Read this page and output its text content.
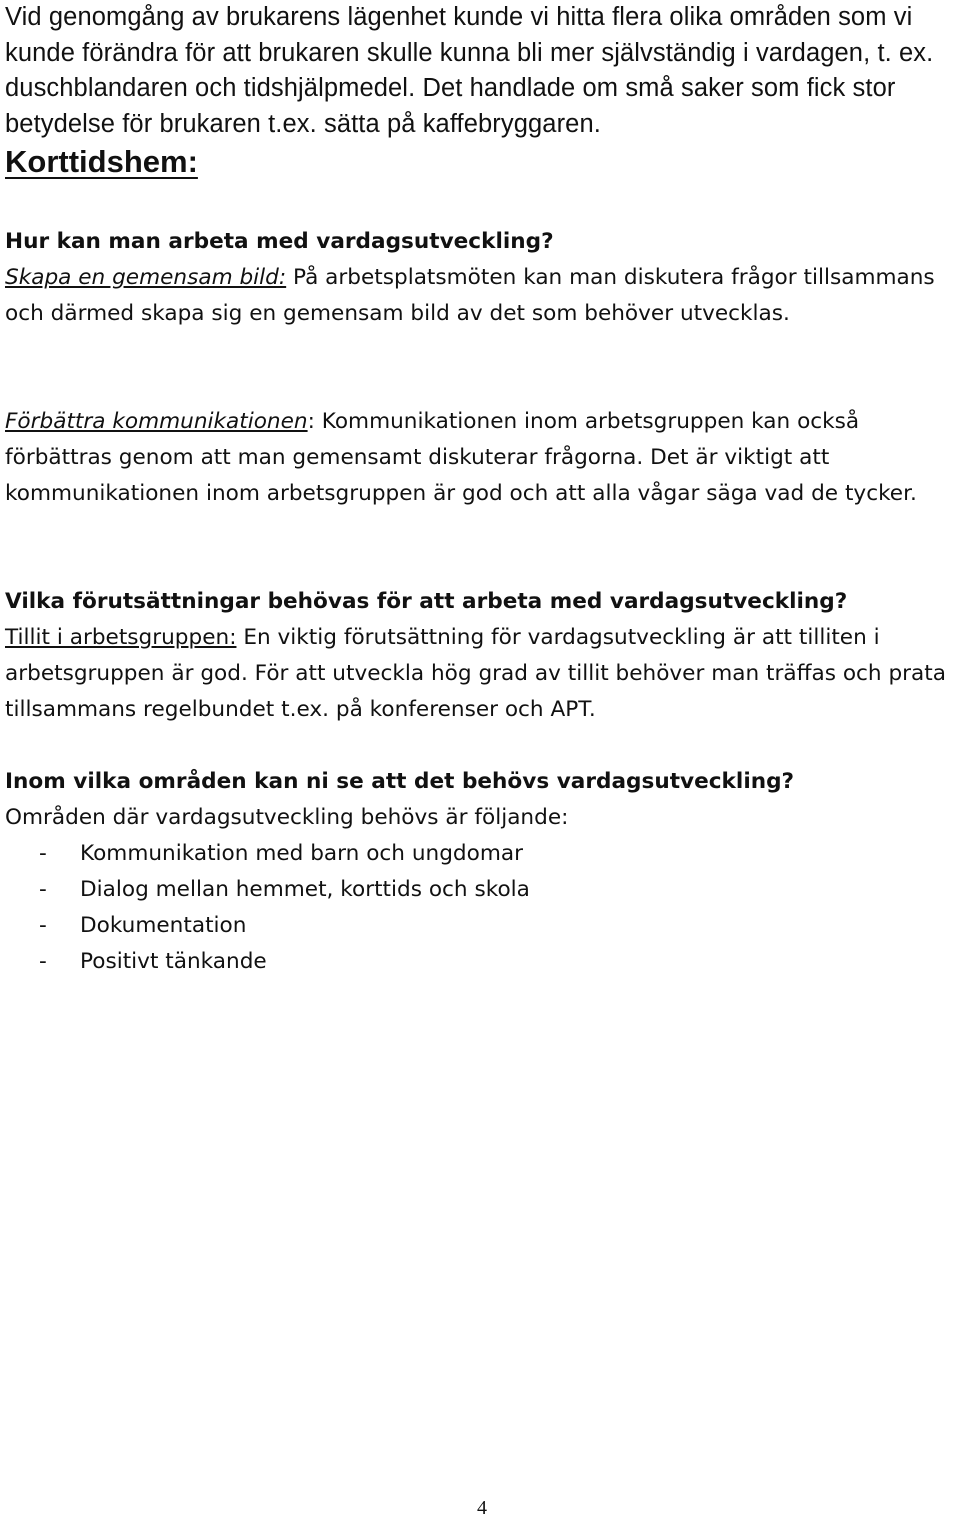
Vid genomgång av brukarens lägenhet kunde vi hitta flera olika områden som vi kunde förändra för att brukaren skulle kunna bli mer självständig i vardagen, t. ex. duschblandaren och tidshjälpmedel. Det handlade om små saker som fick stor betydelse för brukaren t.ex. sätta på kaffebryggaren.

Korttidshem:
Hur kan man arbeta med vardagsutveckling?

Skapa en gemensam bild: På arbetsplatsmöten kan man diskutera frågor tillsammans och därmed skapa sig en gemensam bild av det som behöver utvecklas.

Förbättra kommunikationen: Kommunikationen inom arbetsgruppen kan också förbättras genom att man gemensamt diskuterar frågorna. Det är viktigt att kommunikationen inom arbetsgruppen är god och att alla vågar säga vad de tycker.

Vilka förutsättningar behövas för att arbeta med vardagsutveckling?

Tillit i arbetsgruppen: En viktig förutsättning för vardagsutveckling är att tilliten i arbetsgruppen är god. För att utveckla hög grad av tillit behöver man träffas och prata tillsammans regelbundet t.ex. på konferenser och APT.

Inom vilka områden kan ni se att det behövs vardagsutveckling?
Områden där vardagsutveckling behövs är följande:
- Kommunikation med barn och ungdomar
- Dialog mellan hemmet, korttids och skola
- Dokumentation
- Positivt tänkande
4
